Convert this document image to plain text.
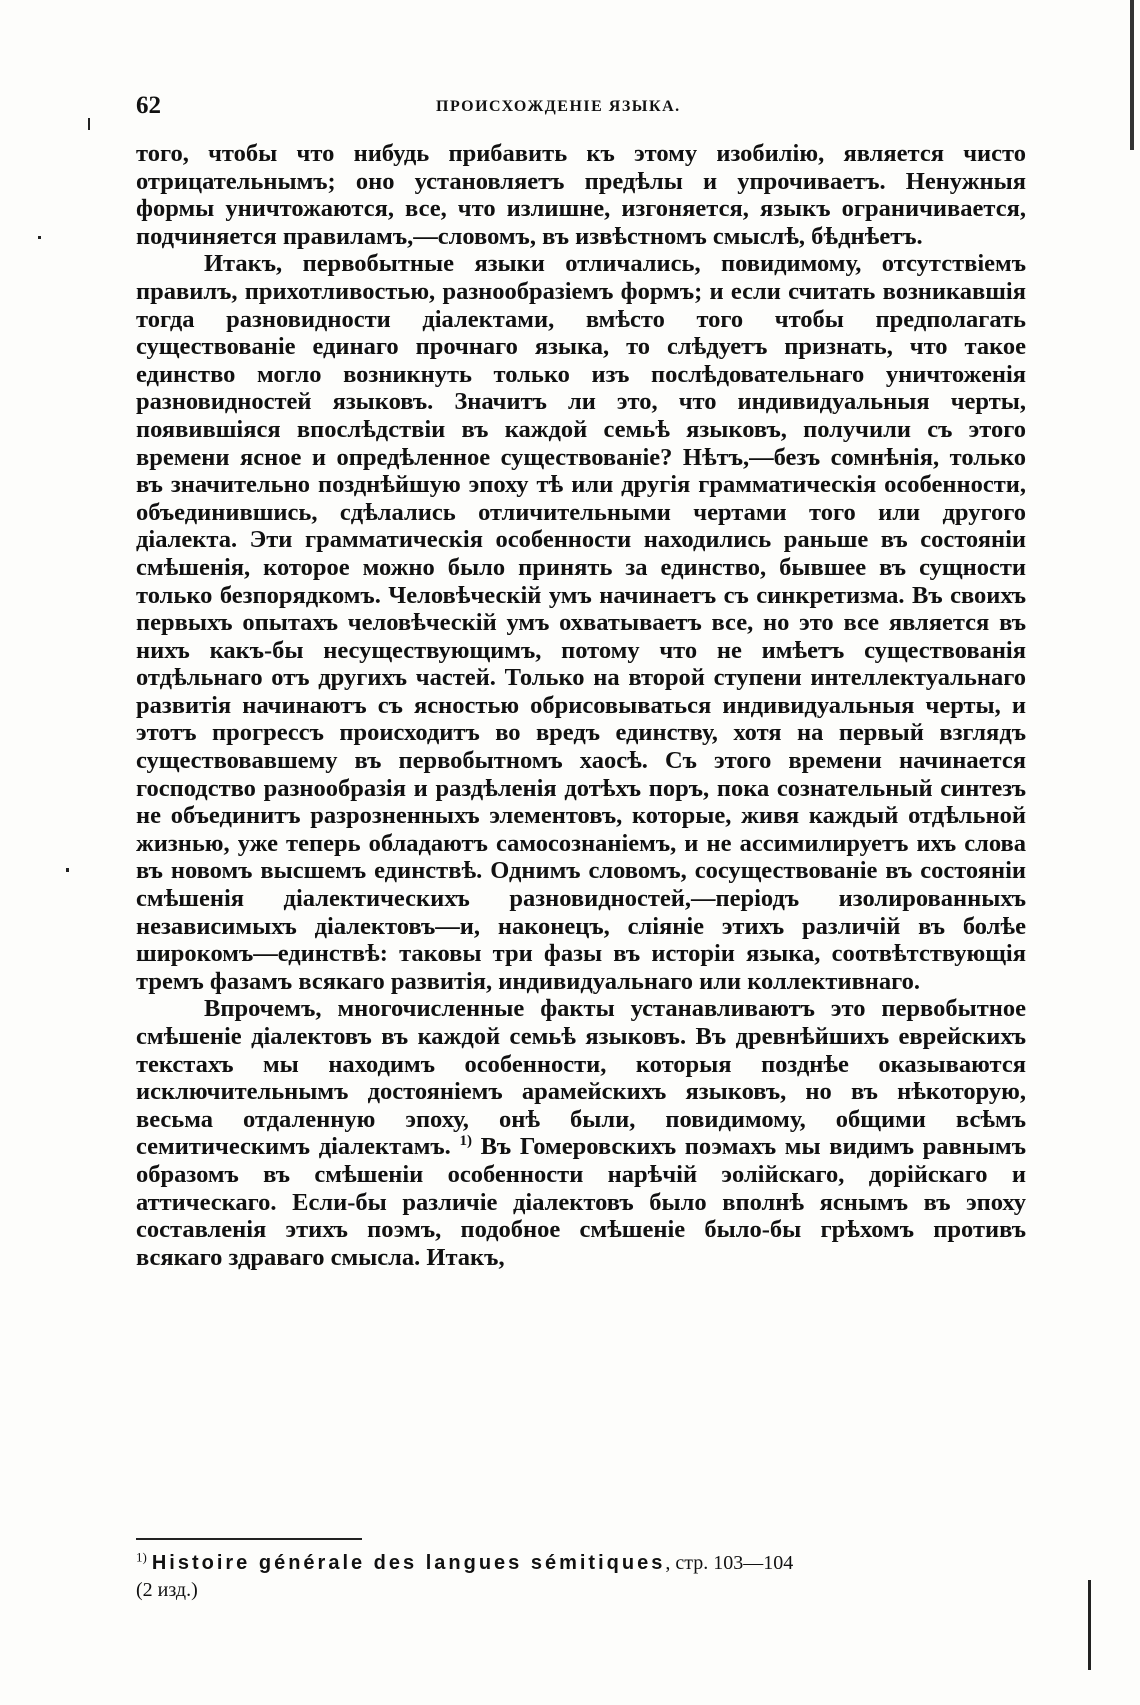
62	ПРОИСХОЖДЕНІЕ ЯЗЫКА.

того, чтобы что нибудь прибавить къ этому изобилію, является чисто отрицательнымъ; оно установляетъ предѣлы и упрочиваетъ. Ненужныя формы уничтожаются, все, что излишне, изгоняется, языкъ ограничивается, подчиняется правиламъ,—словомъ, въ извѣстномъ смыслѣ, бѣднѣетъ.

Итакъ, первобытные языки отличались, повидимому, отсутствіемъ правилъ, прихотливостью, разнообразіемъ формъ; и если считать возникавшія тогда разновидности діалектами, вмѣсто того чтобы предполагать существованіе единаго прочнаго языка, то слѣдуетъ признать, что такое единство могло возникнуть только изъ послѣдовательнаго уничтоженія разновидностей языковъ. Значитъ ли это, что индивидуальныя черты, появившіяся впослѣдствіи въ каждой семьѣ языковъ, получили съ этого времени ясное и опредѣленное существованіе? Нѣтъ,—безъ сомнѣнія, только въ значительно позднѣйшую эпоху тѣ или другія грамматическія особенности, объединившись, сдѣлались отличительными чертами того или другого діалекта. Эти грамматическія особенности находились раньше въ состояніи смѣшенія, которое можно было принять за единство, бывшее въ сущности только безпорядкомъ. Человѣческій умъ начинаетъ съ синкретизма. Въ своихъ первыхъ опытахъ человѣческій умъ охватываетъ все, но это все является въ нихъ какъ-бы несуществующимъ, потому что не имѣетъ существованія отдѣльнаго отъ другихъ частей. Только на второй ступени интеллектуальнаго развитія начинаютъ съ ясностью обрисовываться индивидуальныя черты, и этотъ прогрессъ происходитъ во вредъ единству, хотя на первый взглядъ существовавшему въ первобытномъ хаосѣ. Съ этого времени начинается господство разнообразія и раздѣленія дотѣхъ поръ, пока сознательный синтезъ не объединитъ разрозненныхъ элементовъ, которые, живя каждый отдѣльной жизнью, уже теперь обладаютъ самосознаніемъ, и не ассимилируетъ ихъ слова въ новомъ высшемъ единствѣ. Однимъ словомъ, сосуществованіе въ состояніи смѣшенія діалектическихъ разновидностей,—періодъ изолированныхъ независимыхъ діалектовъ—и, наконецъ, сліяніе этихъ различій въ болѣе широкомъ—единствѣ: таковы три фазы въ исторіи языка, соотвѣтствующія тремъ фазамъ всякаго развитія, индивидуальнаго или коллективнаго.

Впрочемъ, многочисленные факты устанавливаютъ это первобытное смѣшеніе діалектовъ въ каждой семьѣ языковъ. Въ древнѣйшихъ еврейскихъ текстахъ мы находимъ особенности, которыя позднѣе оказываются исключительнымъ достояніемъ арамейскихъ языковъ, но въ нѣкоторую, весьма отдаленную эпоху, онѣ были, повидимому, общими всѣмъ семитическимъ діалектамъ. $^{1)}$ Въ Гомеровскихъ поэмахъ мы видимъ равнымъ образомъ въ смѣшеніи особенности нарѣчій эолійскаго, дорійскаго и аттическаго. Если-бы различіе діалектовъ было вполнѣ яснымъ въ эпоху составленія этихъ поэмъ, подобное смѣшеніе было-бы грѣхомъ противъ всякаго здраваго смысла. Итакъ,

$^{1)}$ Histoire générale des langues sémitiques, стр. 103—104
(2 изд.)
